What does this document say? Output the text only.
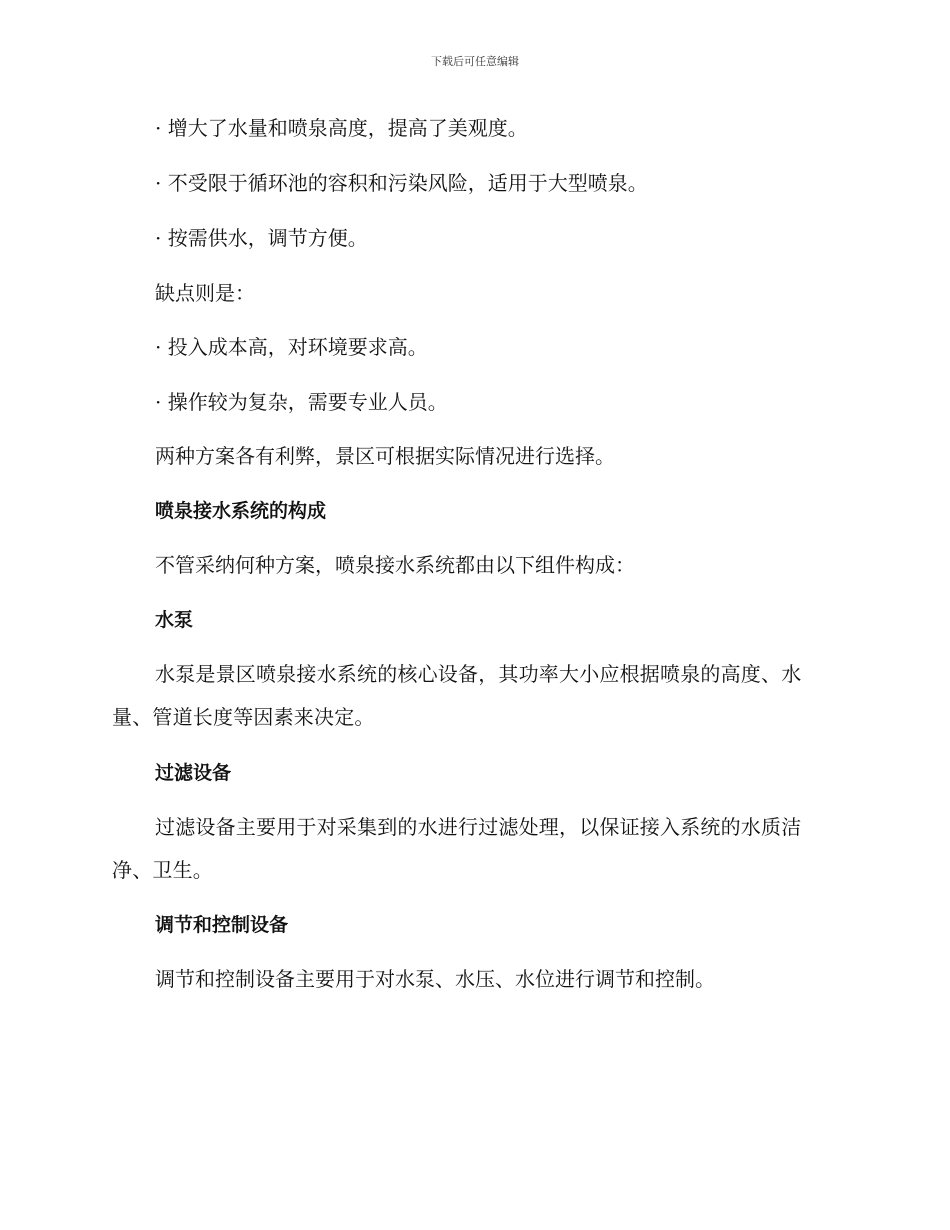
下载后可任意编辑
· 增大了水量和喷泉高度，提高了美观度。
· 不受限于循环池的容积和污染风险，适用于大型喷泉。
· 按需供水，调节方便。
缺点则是：
· 投入成本高，对环境要求高。
· 操作较为复杂，需要专业人员。
两种方案各有利弊，景区可根据实际情况进行选择。
喷泉接水系统的构成
不管采纳何种方案，喷泉接水系统都由以下组件构成：
水泵
水泵是景区喷泉接水系统的核心设备，其功率大小应根据喷泉的高度、水量、管道长度等因素来决定。
过滤设备
过滤设备主要用于对采集到的水进行过滤处理，以保证接入系统的水质洁净、卫生。
调节和控制设备
调节和控制设备主要用于对水泵、水压、水位进行调节和控制。
